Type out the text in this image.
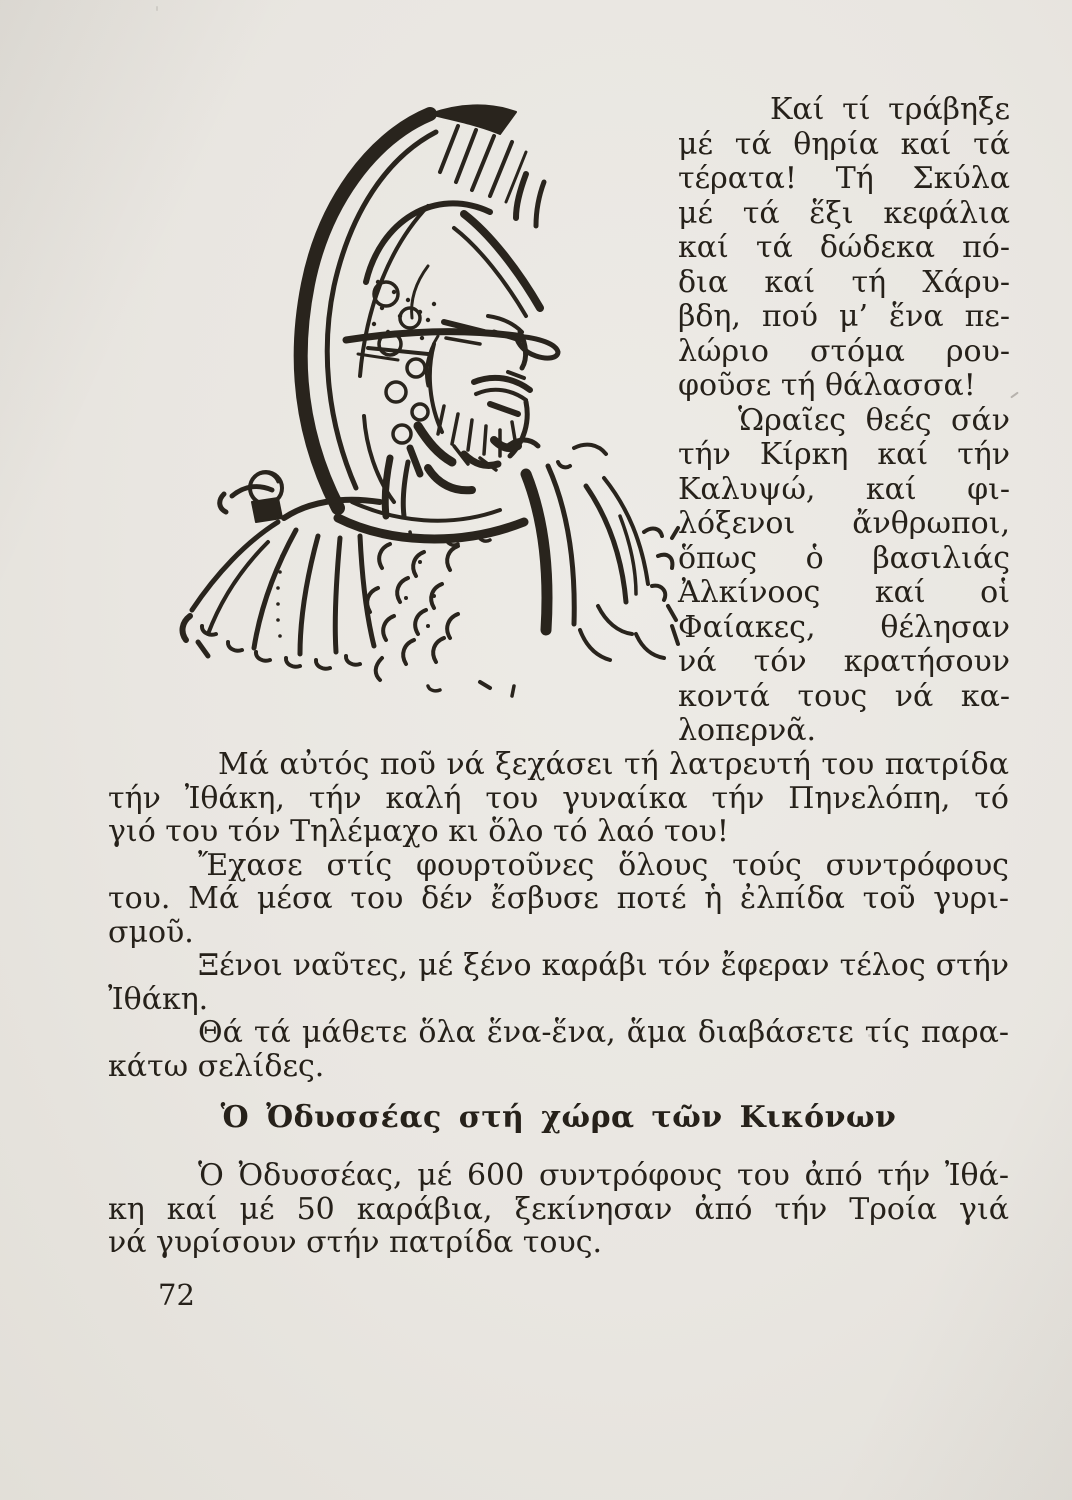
Καί τί τράβηξε
μέ τά θηρία καί τά
τέρατα! Τή Σκύλα
μέ τά ἕξι κεφάλια
καί τά δώδεκα πό-
δια καί τή Χάρυ-
βδη, πού μ’ ἕνα πε-
λώριο στόμα ρου-
φοῦσε τή θάλασσα!
Ὡραῖες θεές σάν
τήν Κίρκη καί τήν
Καλυψώ, καί φι-
λόξενοι ἄνθρωποι,
ὅπως ὁ βασιλιάς
Ἀλκίνοος καί οἱ
Φαίακες, θέλησαν
νά τόν κρατήσουν
κοντά τους νά κα-
λοπερνᾶ.
Μά αὐτός ποῦ νά ξεχάσει τή λατρευτή του πατρίδα
τήν Ἰθάκη, τήν καλή του γυναίκα τήν Πηνελόπη, τό
γιό του τόν Τηλέμαχο κι ὅλο τό λαό του!
Ἔχασε στίς φουρτοῦνες ὅλους τούς συντρόφους
του. Μά μέσα του δέν ἔσβυσε ποτέ ἡ ἐλπίδα τοῦ γυρι-
σμοῦ.
Ξένοι ναῦτες, μέ ξένο καράβι τόν ἔφεραν τέλος στήν
Ἰθάκη.
Θά τά μάθετε ὅλα ἕνα-ἕνα, ἅμα διαβάσετε τίς παρα-
κάτω σελίδες.
Ὁ Ὀδυσσέας στή χώρα τῶν Κικόνων
Ὁ Ὀδυσσέας, μέ 600 συντρόφους του ἀπό τήν Ἰθά-
κη καί μέ 50 καράβια, ξεκίνησαν ἀπό τήν Τροία γιά
νά γυρίσουν στήν πατρίδα τους.
72
